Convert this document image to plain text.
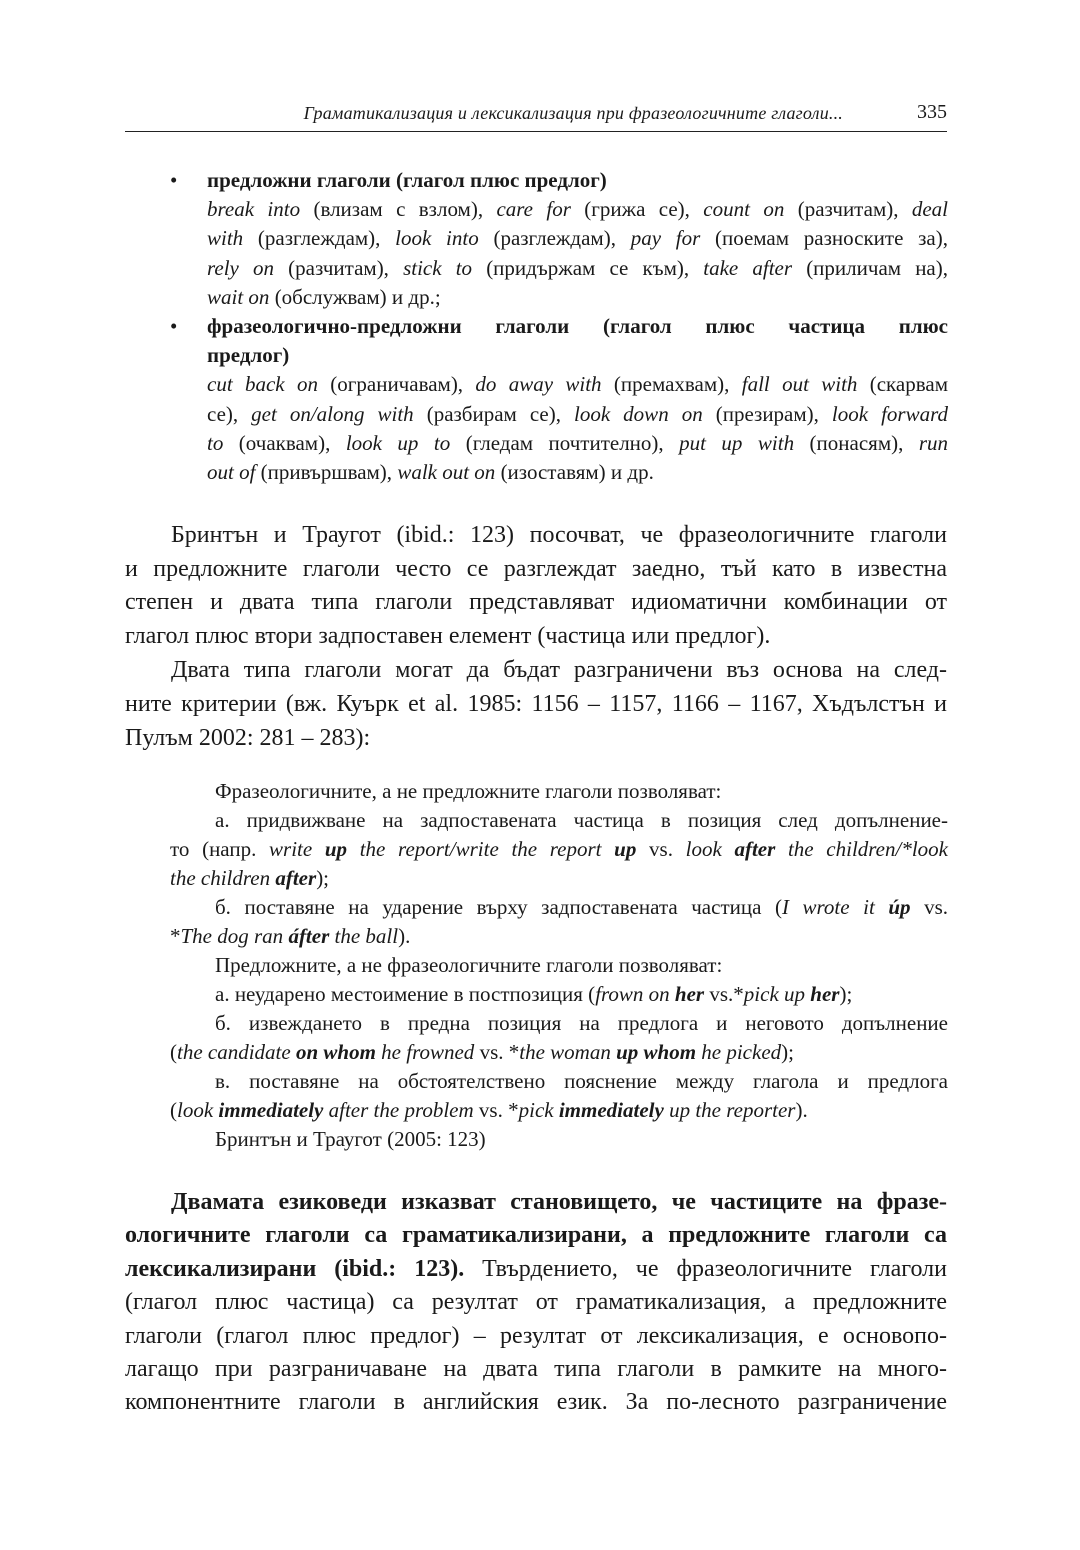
Граматикализация и лексикализация при фразеологичните глаголи...	335
• предложни глаголи (глагол плюс предлог)
break into (влизам с взлом), care for (грижа се), count on (разчитам), deal
with (разглеждам), look into (разглеждам), pay for (поемам разноските за),
rely on (разчитам), stick to (придържам се към), take after (приличам на),
wait on (обслужвам) и др.;
• фразеологично-предложни глаголи (глагол плюс частица плюс
предлог)
cut back on (ограничавам), do away with (премахвам), fall out with (скарвам
се), get on/along with (разбирам се), look down on (презирам), look forward
to (очаквам), look up to (гледам почтително), put up with (понасям), run
out of (привършвам), walk out on (изоставям) и др.

Бринтън и Траугот (ibid.: 123) посочват, че фразеологичните глаголи
и предложните глаголи често се разглеждат заедно, тъй като в известна
степен и двата типа глаголи представляват идиоматични комбинации от
глагол плюс втори задпоставен елемент (частица или предлог).

Двата типа глаголи могат да бъдат разграничени въз основа на след-
ните критерии (вж. Куърк et al. 1985: 1156 – 1157, 1166 – 1167, Хъдълстън и
Пулъм 2002: 281 – 283):

Фразеологичните, а не предложните глаголи позволяват:
а. придвижване на задпоставената частица в позиция след допълнение-
то (напр. write up the report/write the report up vs. look after the children/*look
the children after);
б. поставяне на ударение върху задпоставената частица (I wrote it úp vs.
*The dog ran áfter the ball).
Предложните, а не фразеологичните глаголи позволяват:
а. неударено местоимение в постпозиция (frown on her vs.*pick up her);
б. извеждането в предна позиция на предлога и неговото допълнение
(the candidate on whom he frowned vs. *the woman up whom he picked);
в. поставяне на обстоятелствено пояснение между глагола и предлога
(look immediately after the problem vs. *pick immediately up the reporter).
Бринтън и Траугот (2005: 123)
Двамата езиковеди изказват становището, че частиците на фразе-
ологичните глаголи са граматикализирани, а предложните глаголи са
лексикализирани (ibid.: 123). Твърдението, че фразеологичните глаголи
(глагол плюс частица) са резултат от граматикализация, а предложните
глаголи (глагол плюс предлог) – резултат от лексикализация, е основопо-
лагащо при разграничаване на двата типа глаголи в рамките на много-
компонентните глаголи в английския език. За по-лесното разграничение
